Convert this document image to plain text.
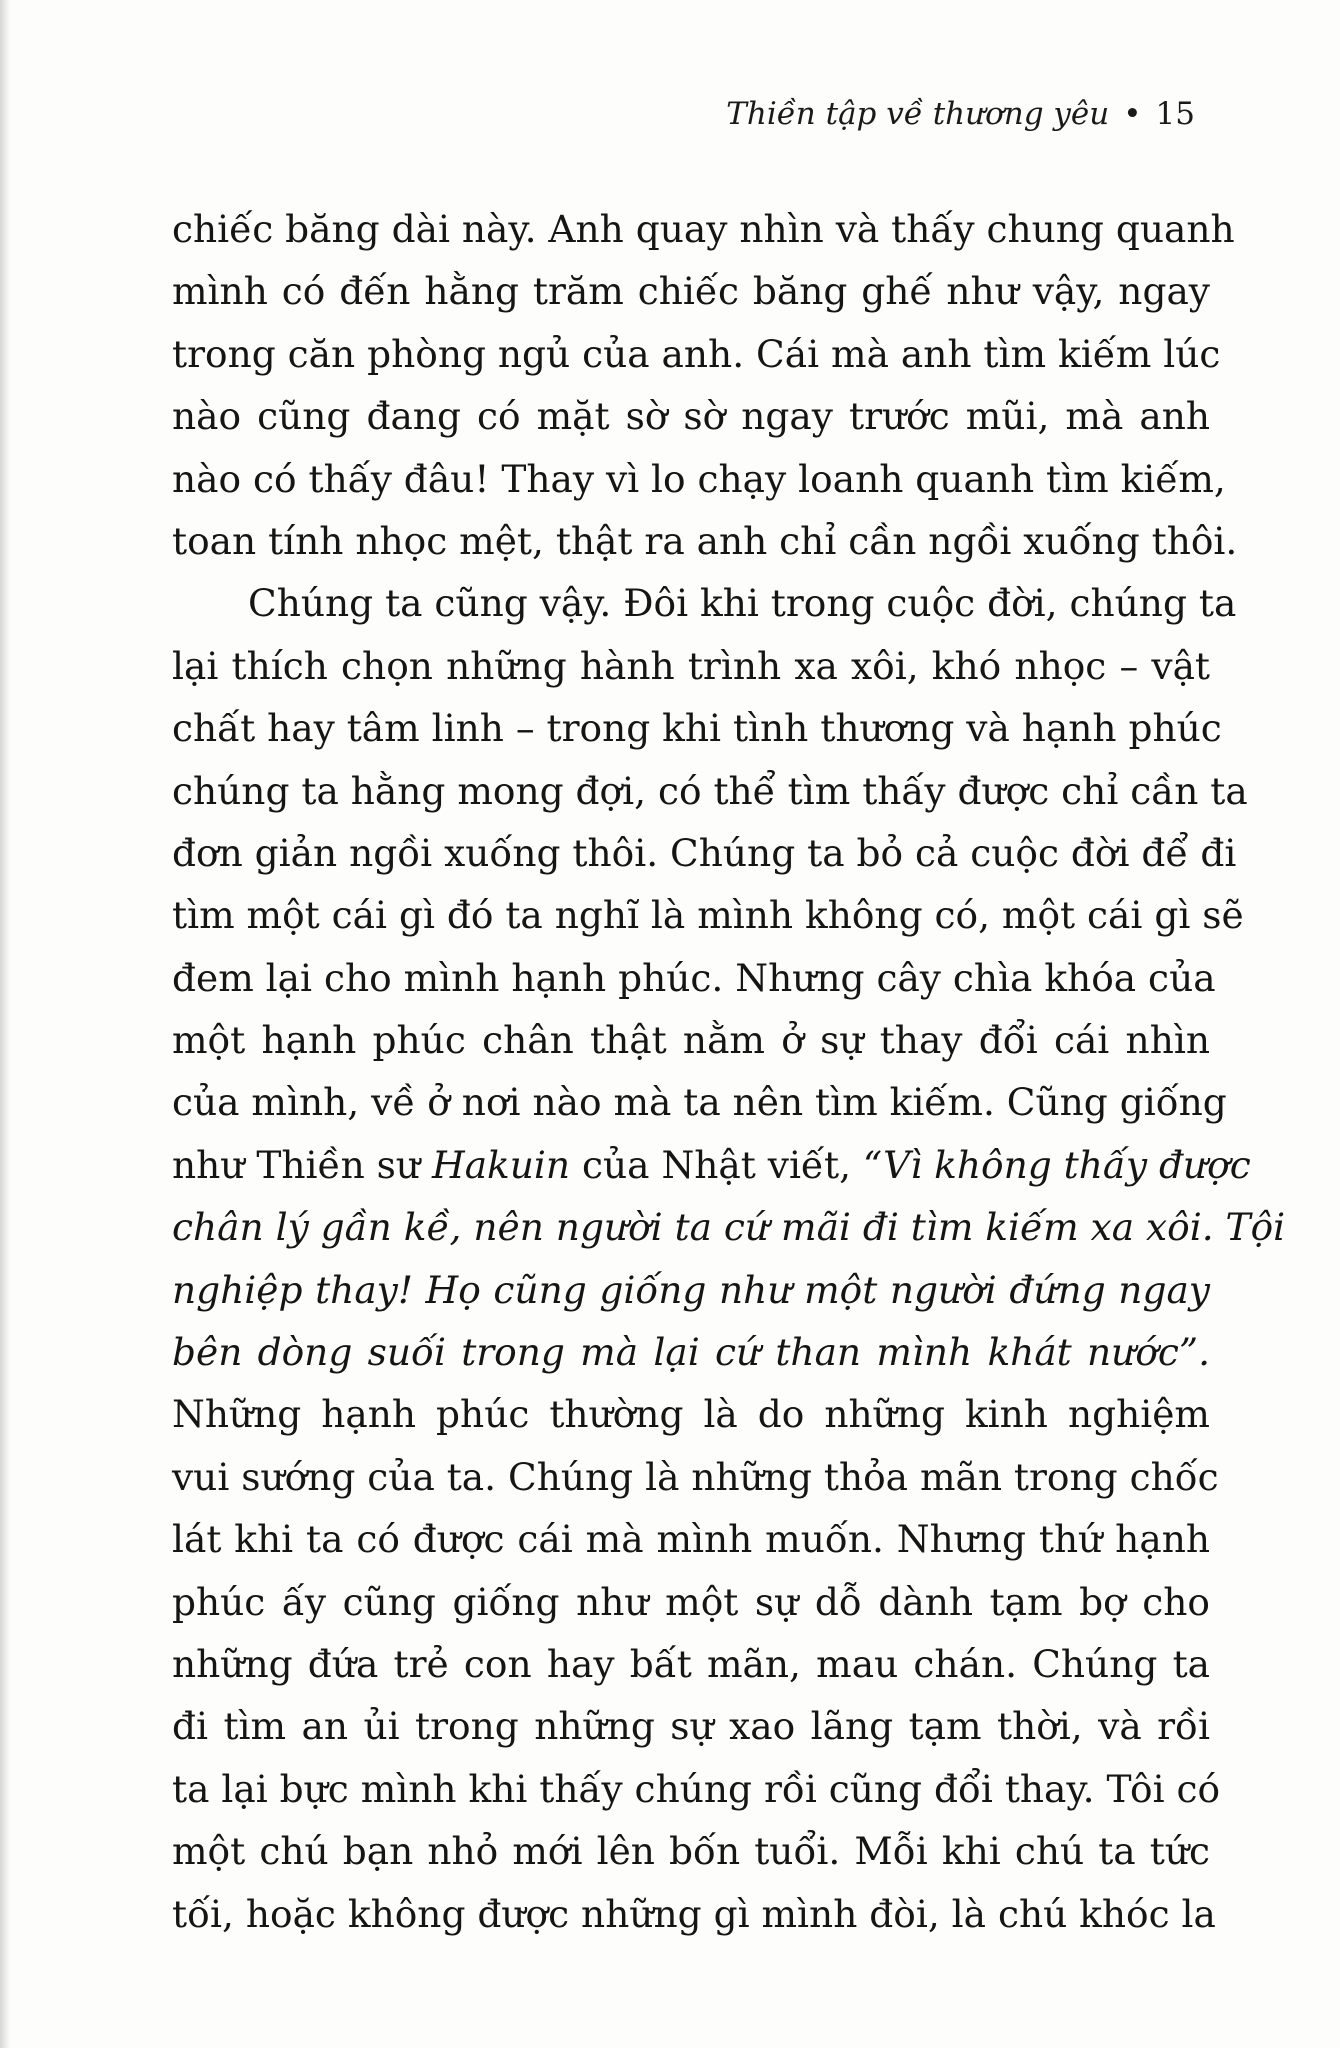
Thiền tập về thương yêu • 15
chiếc băng dài này. Anh quay nhìn và thấy chung quanh
mình có đến hằng trăm chiếc băng ghế như vậy, ngay
trong căn phòng ngủ của anh. Cái mà anh tìm kiếm lúc
nào cũng đang có mặt sờ sờ ngay trước mũi, mà anh
nào có thấy đâu! Thay vì lo chạy loanh quanh tìm kiếm,
toan tính nhọc mệt, thật ra anh chỉ cần ngồi xuống thôi.
Chúng ta cũng vậy. Đôi khi trong cuộc đời, chúng ta
lại thích chọn những hành trình xa xôi, khó nhọc – vật
chất hay tâm linh – trong khi tình thương và hạnh phúc
chúng ta hằng mong đợi, có thể tìm thấy được chỉ cần ta
đơn giản ngồi xuống thôi. Chúng ta bỏ cả cuộc đời để đi
tìm một cái gì đó ta nghĩ là mình không có, một cái gì sẽ
đem lại cho mình hạnh phúc. Nhưng cây chìa khóa của
một hạnh phúc chân thật nằm ở sự thay đổi cái nhìn
của mình, về ở nơi nào mà ta nên tìm kiếm. Cũng giống
như Thiền sư Hakuin của Nhật viết, “Vì không thấy được
chân lý gần kề, nên người ta cứ mãi đi tìm kiếm xa xôi. Tội
nghiệp thay! Họ cũng giống như một người đứng ngay
bên dòng suối trong mà lại cứ than mình khát nước”.
Những hạnh phúc thường là do những kinh nghiệm
vui sướng của ta. Chúng là những thỏa mãn trong chốc
lát khi ta có được cái mà mình muốn. Nhưng thứ hạnh
phúc ấy cũng giống như một sự dỗ dành tạm bợ cho
những đứa trẻ con hay bất mãn, mau chán. Chúng ta
đi tìm an ủi trong những sự xao lãng tạm thời, và rồi
ta lại bực mình khi thấy chúng rồi cũng đổi thay. Tôi có
một chú bạn nhỏ mới lên bốn tuổi. Mỗi khi chú ta tức
tối, hoặc không được những gì mình đòi, là chú khóc la
